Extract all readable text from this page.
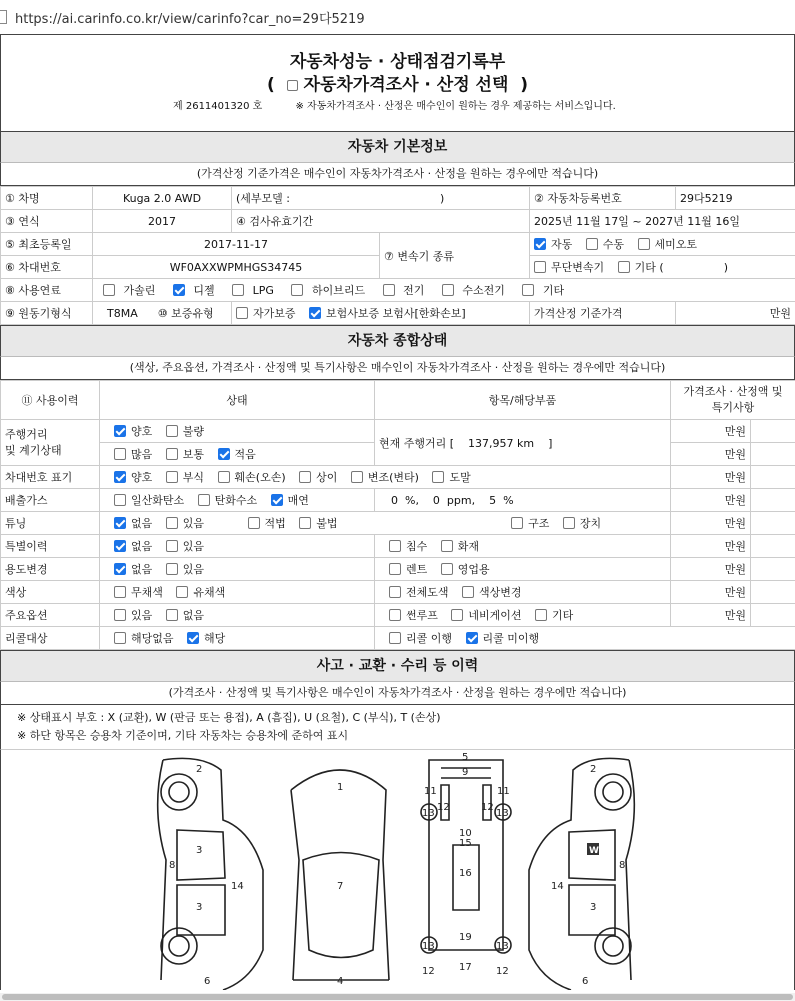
https://ai.carinfo.co.kr/view/carinfo?car_no=29다5219
자동차성능 · 상태점검기록부
( 자동차가격조사 · 산정 선택 )
제 2611401320 호	※ 자동차가격조사 · 산정은 매수인이 원하는 경우 제공하는 서비스입니다.
자동차 기본정보
(가격산정 기준가격은 매수인이 자동차가격조사 · 산정을 원하는 경우에만 적습니다)
① 차명	Kuga 2.0 AWD	(세부모델 : )		② 자동차등록번호	29다5219
③ 연식	2017	④ 검사유효기간		2025년 11월 17일 ~ 2027년 11월 16일	
⑤ 최초등록일	2017-11-17		⑦ 변속기 종류	자동 수동 세미오토	
⑥ 차대번호	WF0AXXWPMHGS34745			무단변속기 기타 ( )	
⑧ 사용연료	가솔린 디젤 LPG 하이브리드 전기 수소전기 기타				
⑨ 원동기형식	T8MA ⑩ 보증유형	자가보증 보험사보증 보험사[한화손보]		가격산정 기준가격	만원
자동차 종합상태
(색상, 주요옵션, 가격조사 · 산정액 및 특기사항은 매수인이 자동차가격조사 · 산정을 원하는 경우에만 적습니다)
⑪ 사용이력	상태	항목/해당부품	가격조사 · 산정액 및
특기사항	
주행거리
및 계기상태	양호 불량	현재 주행거리 [ 137,957 km ]	만원	
	많음 보통 적음		만원	
차대번호 표기	양호 부식 훼손(오손) 상이 변조(변타) 도말		만원	
배출가스	일산화탄소 탄화수소 매연	0  %,    0  ppm,    5  %	만원	
튜닝	없음 있음 적법 불법 구조 장치		만원	
특별이력	없음 있음	침수 화재	만원	
용도변경	없음 있음	렌트 영업용	만원	
색상	무채색 유채색	전체도색 색상변경	만원	
주요옵션	있음 없음	썬루프 네비게이션 기타	만원	
리콜대상	해당없음 해당	리콜 이행 리콜 미이행		
사고 · 교환 · 수리 등 이력
(가격조사 · 산정액 및 특기사항은 매수인이 자동차가격조사 · 산정을 원하는 경우에만 적습니다)
※ 상태표시 부호 : X (교환), W (판금 또는 용접), A (흠집), U (요철), C (부식), T (손상)
※ 하단 항목은 승용차 기준이며, 기타 자동차는 승용차에 준하여 표시
2
3
3
8
14
6
1
7
4
5
9
11	11
12	12
13	13
10
15
16
19
13	13
17
12	12
2
8
14
3
6
W
